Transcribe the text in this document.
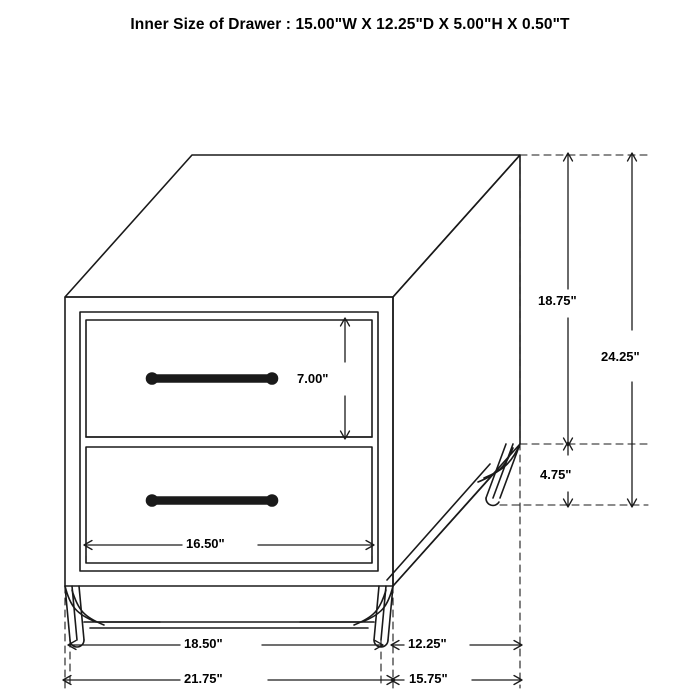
Inner Size of Drawer : 15.00"W X 12.25"D X 5.00"H X 0.50"T
18.75"
24.25"
4.75"
7.00"
16.50"
18.50"	12.25"
21.75"	15.75"
